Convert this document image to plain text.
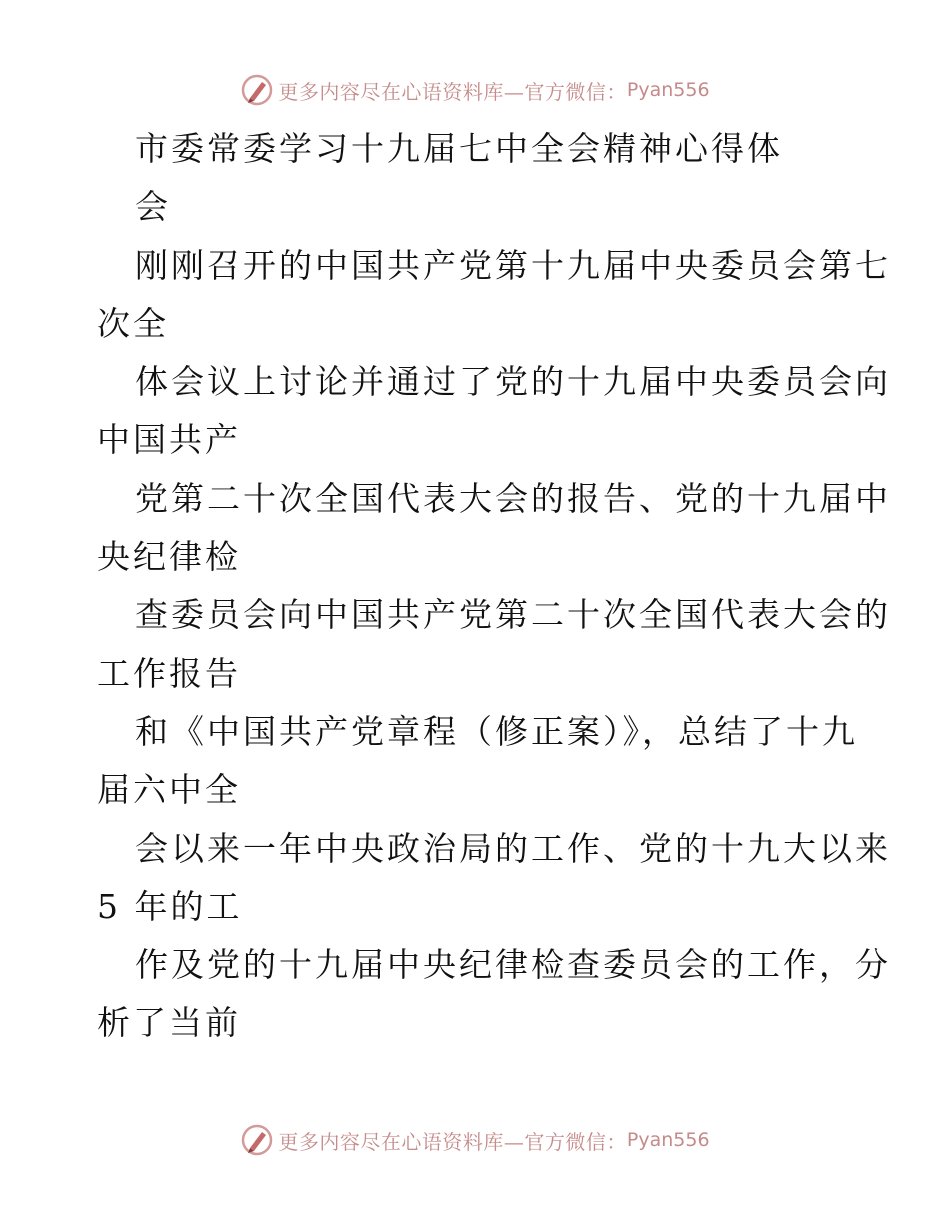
更多内容尽在心语资料库—官方微信： Pyan556
市委常委学习十九届七中全会精神心得体
会
刚刚召开的中国共产党第十九届中央委员会第七
次全
体会议上讨论并通过了党的十九届中央委员会向
中国共产
党第二十次全国代表大会的报告、党的十九届中
央纪律检
查委员会向中国共产党第二十次全国代表大会的
工作报告
和《中国共产党章程（修正案）》，总结了十九
届六中全
会以来一年中央政治局的工作、党的十九大以来
5 年的工
作及党的十九届中央纪律检查委员会的工作，分
析了当前
更多内容尽在心语资料库—官方微信： Pyan556
